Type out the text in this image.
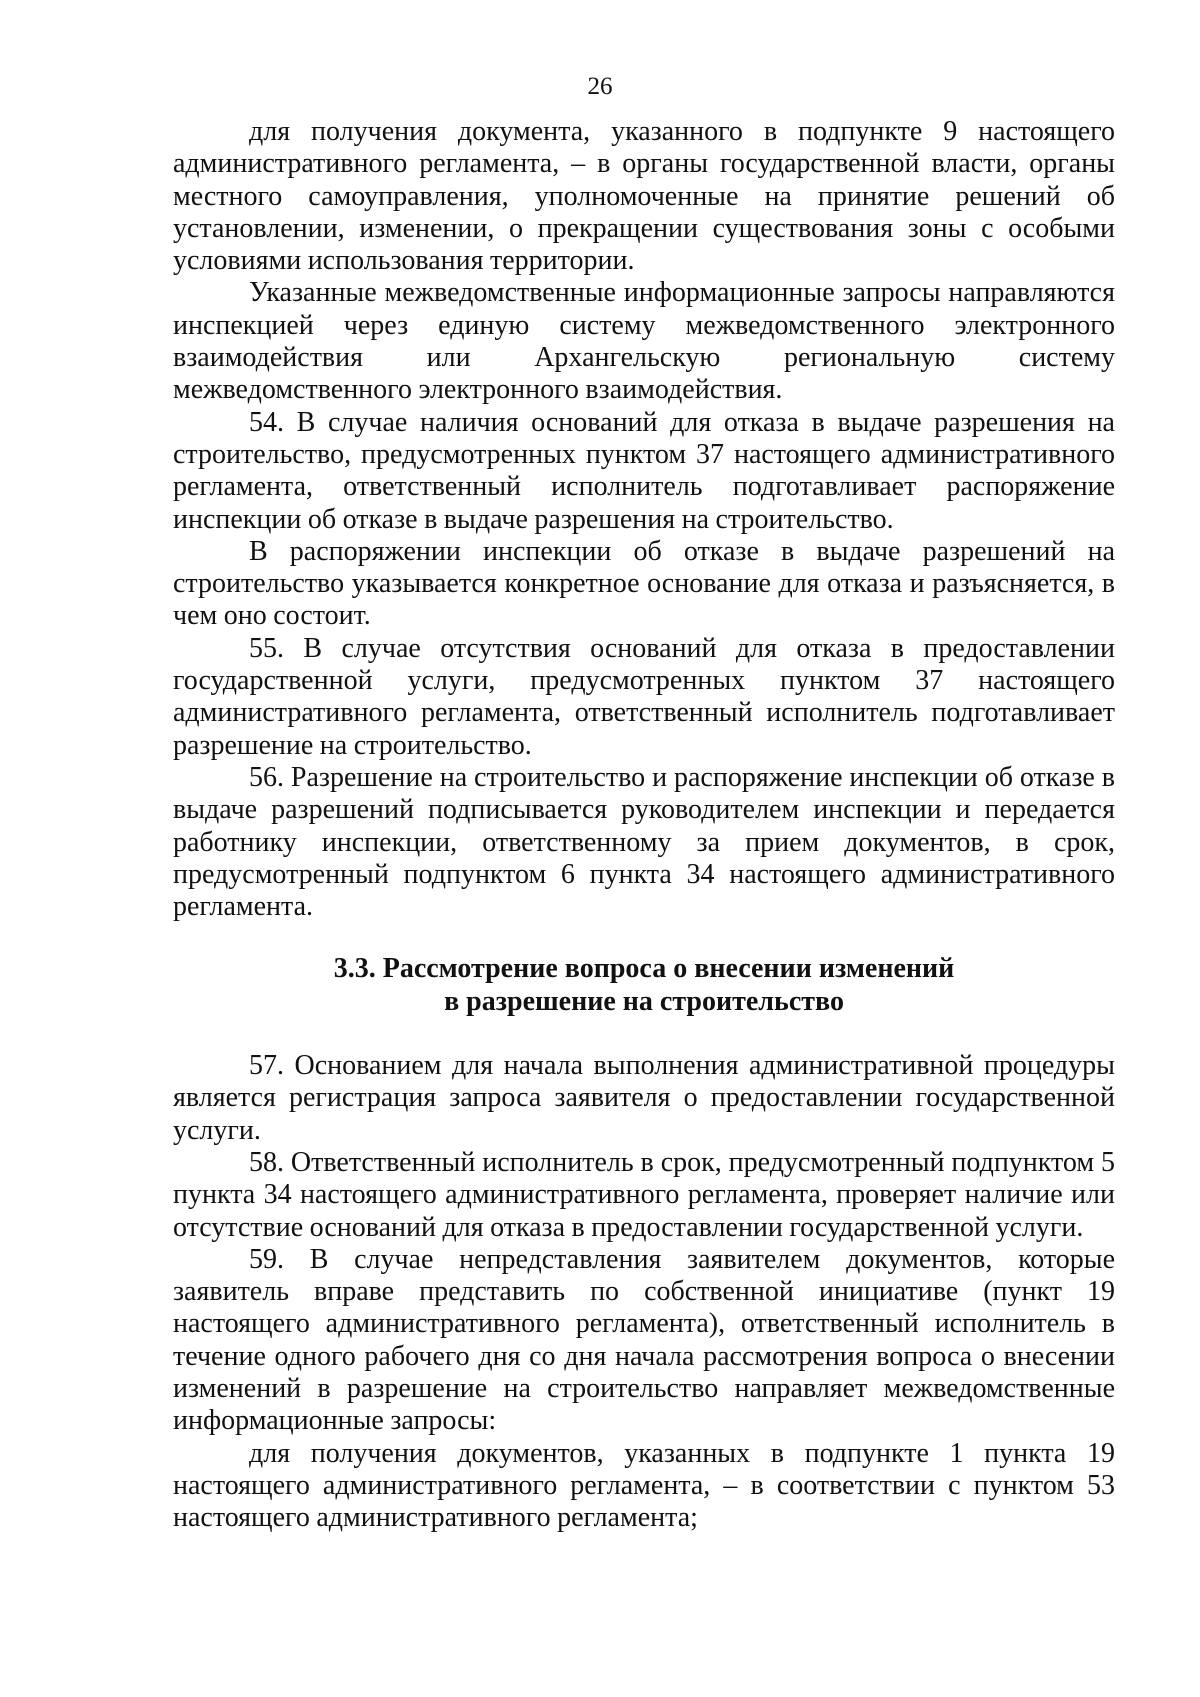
26

для получения документа, указанного в подпункте 9 настоящего административного регламента, – в органы государственной власти, органы местного самоуправления, уполномоченные на принятие решений об установлении, изменении, о прекращении существования зоны с особыми условиями использования территории.

Указанные межведомственные информационные запросы направляются инспекцией через единую систему межведомственного электронного взаимодействия или Архангельскую региональную систему межведомственного электронного взаимодействия.

54. В случае наличия оснований для отказа в выдаче разрешения на строительство, предусмотренных пунктом 37 настоящего административного регламента, ответственный исполнитель подготавливает распоряжение инспекции об отказе в выдаче разрешения на строительство.

В распоряжении инспекции об отказе в выдаче разрешений на строительство указывается конкретное основание для отказа и разъясняется, в чем оно состоит.

55. В случае отсутствия оснований для отказа в предоставлении государственной услуги, предусмотренных пунктом 37 настоящего административного регламента, ответственный исполнитель подготавливает разрешение на строительство.

56. Разрешение на строительство и распоряжение инспекции об отказе в выдаче разрешений подписывается руководителем инспекции и передается работнику инспекции, ответственному за прием документов, в срок, предусмотренный подпунктом 6 пункта 34 настоящего административного регламента.

3.3. Рассмотрение вопроса о внесении изменений
в разрешение на строительство

57. Основанием для начала выполнения административной процедуры является регистрация запроса заявителя о предоставлении государственной услуги.

58. Ответственный исполнитель в срок, предусмотренный подпунктом 5 пункта 34 настоящего административного регламента, проверяет наличие или отсутствие оснований для отказа в предоставлении государственной услуги.

59. В случае непредставления заявителем документов, которые заявитель вправе представить по собственной инициативе (пункт 19 настоящего административного регламента), ответственный исполнитель в течение одного рабочего дня со дня начала рассмотрения вопроса о внесении изменений в разрешение на строительство направляет межведомственные информационные запросы:

для получения документов, указанных в подпункте 1 пункта 19 настоящего административного регламента, – в соответствии с пунктом 53 настоящего административного регламента;
